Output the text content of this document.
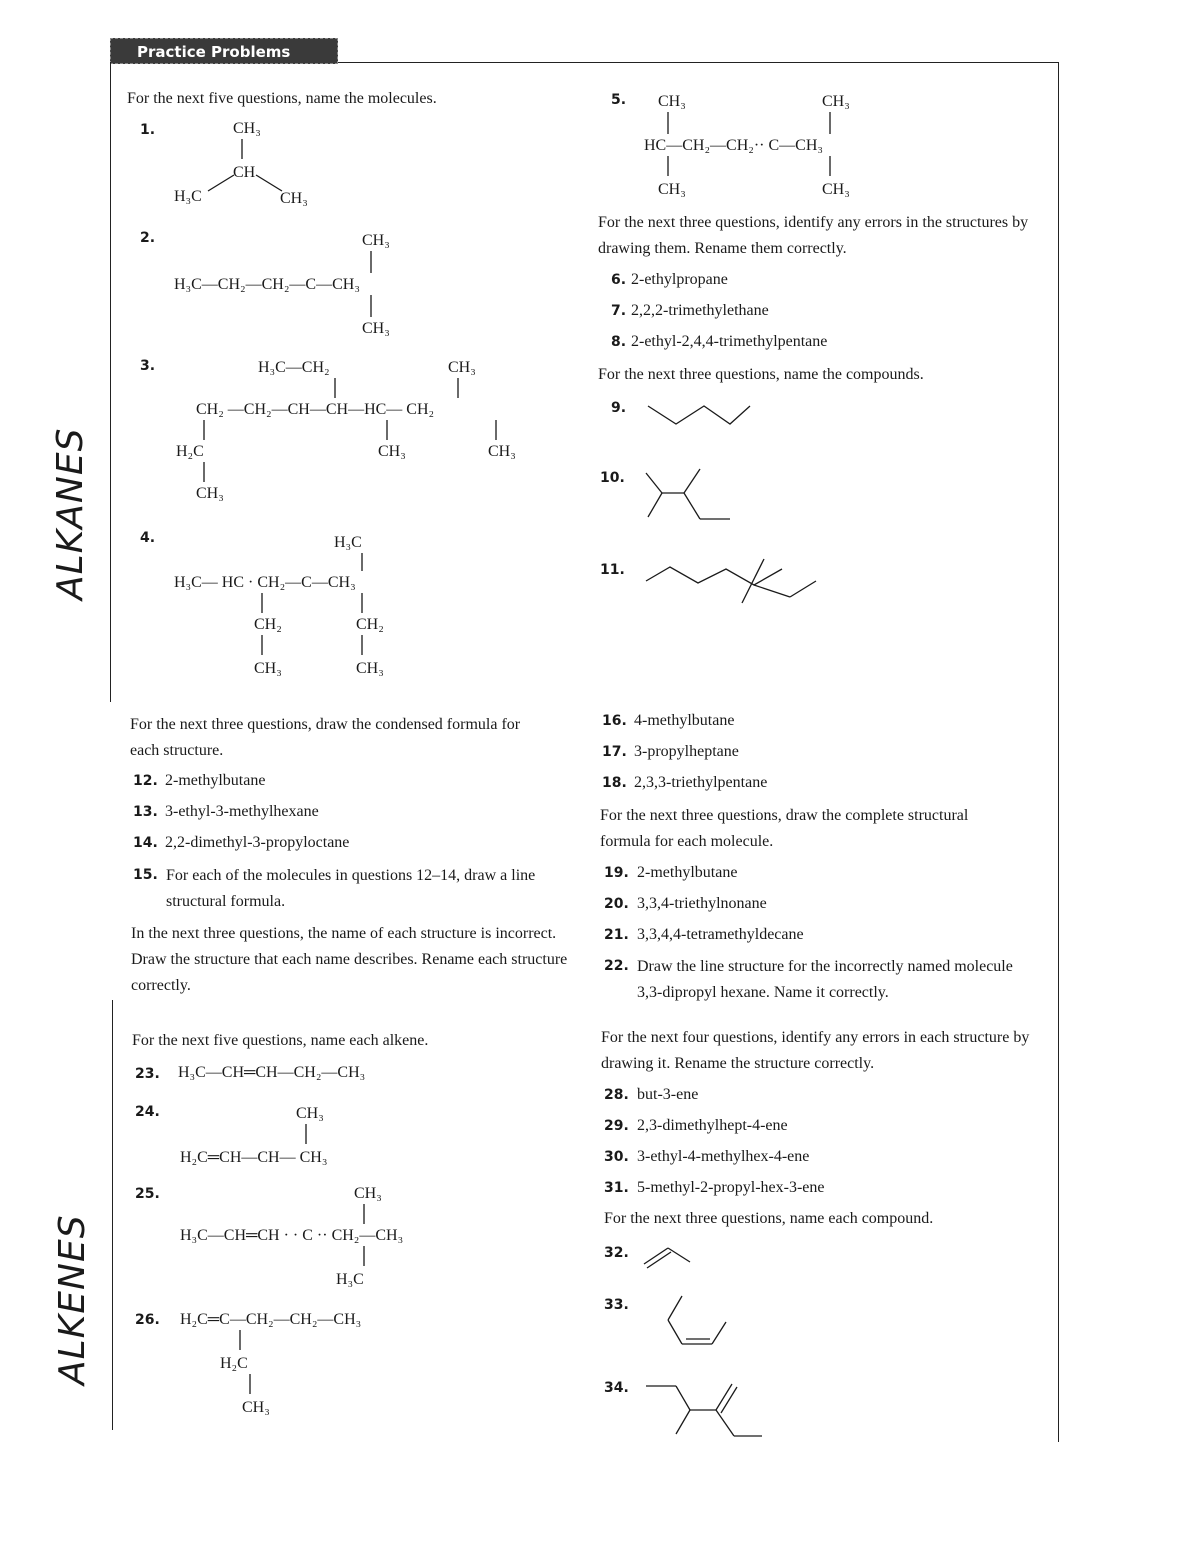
Practice Problems
ALKANES
ALKENES
For the next five questions, name the molecules.
1.	CH₃
CH
H₃C	CH₃
2.	CH₃
H₃C—CH₂—CH₂—C—CH₃
CH₃
3.	H₃C—CH₂	CH₃
CH₂ —CH₂—CH—CH—HC— CH₂
H₂C	CH₃	CH₃
CH₃
4.	H₃C
H₃C— HC · CH₂—C—CH₃
CH₂	CH₂
CH₃	CH₃
For the next three questions, draw the condensed formula for each structure.
12. 2-methylbutane
13. 3-ethyl-3-methylhexane
14. 2,2-dimethyl-3-propyloctane
15. For each of the molecules in questions 12–14, draw a line structural formula.
In the next three questions, the name of each structure is incorrect. Draw the structure that each name describes. Rename each structure correctly.
For the next five questions, name each alkene.
23. H₃C—CH═CH—CH₂—CH₃
24.	CH₃
H₂C═CH—CH— CH₃
25.	CH₃
H₃C—CH═CH · · C ·· CH₂—CH₃
H₃C
26. H₂C═C—CH₂—CH₂—CH₃
H₂C
CH₃
5. CH₃	CH₃
HC—CH₂—CH₂·· C—CH₃
CH₃	CH₃
For the next three questions, identify any errors in the structures by drawing them. Rename them correctly.
6. 2-ethylpropane
7. 2,2,2-trimethylethane
8. 2-ethyl-2,4,4-trimethylpentane
For the next three questions, name the compounds.
9.
10.
11.
16. 4-methylbutane
17. 3-propylheptane
18. 2,3,3-triethylpentane
For the next three questions, draw the complete structural formula for each molecule.
19. 2-methylbutane
20. 3,3,4-triethylnonane
21. 3,3,4,4-tetramethyldecane
22. Draw the line structure for the incorrectly named molecule 3,3-dipropyl hexane. Name it correctly.
For the next four questions, identify any errors in each structure by drawing it. Rename the structure correctly.
28. but-3-ene
29. 2,3-dimethylhept-4-ene
30. 3-ethyl-4-methylhex-4-ene
31. 5-methyl-2-propyl-hex-3-ene
For the next three questions, name each compound.
32.
33.
34.
